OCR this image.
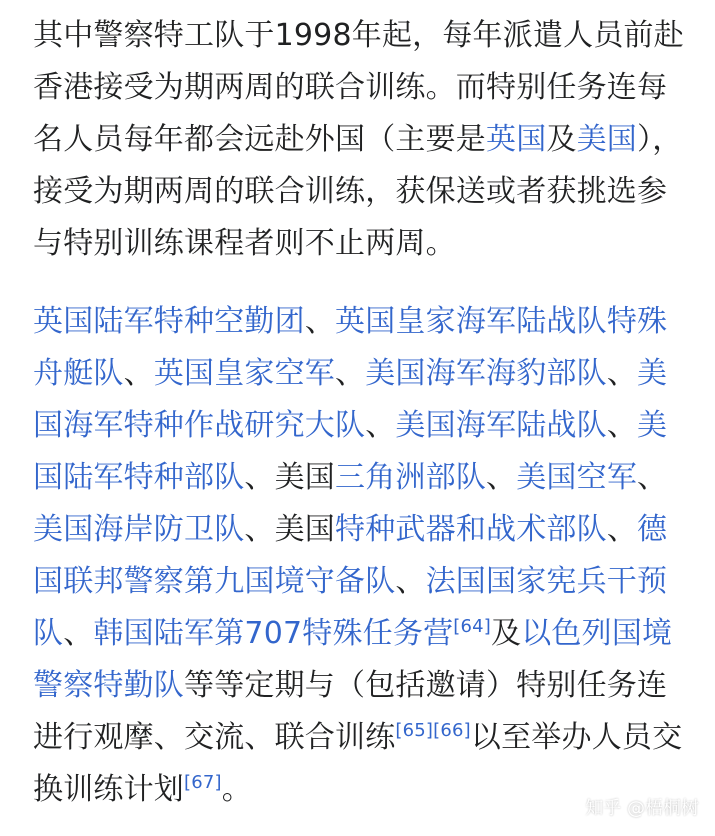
其中警察特工队于1998年起，每年派遣人员前赴香港接受为期两周的联合训练。而特别任务连每名人员每年都会远赴外国（主要是英国及美国），接受为期两周的联合训练，获保送或者获挑选参与特别训练课程者则不止两周。

英国陆军特种空勤团、英国皇家海军陆战队特殊舟艇队、英国皇家空军、美国海军海豹部队、美国海军特种作战研究大队、美国海军陆战队、美国陆军特种部队、美国三角洲部队、美国空军、美国海岸防卫队、美国特种武器和战术部队、德国联邦警察第九国境守备队、法国国家宪兵干预队、韩国陆军第707特殊任务营[64]及以色列国境警察特勤队等等定期与（包括邀请）特别任务连进行观摩、交流、联合训练[65][66]以至举办人员交换训练计划[67]。

知乎 @梧桐树
